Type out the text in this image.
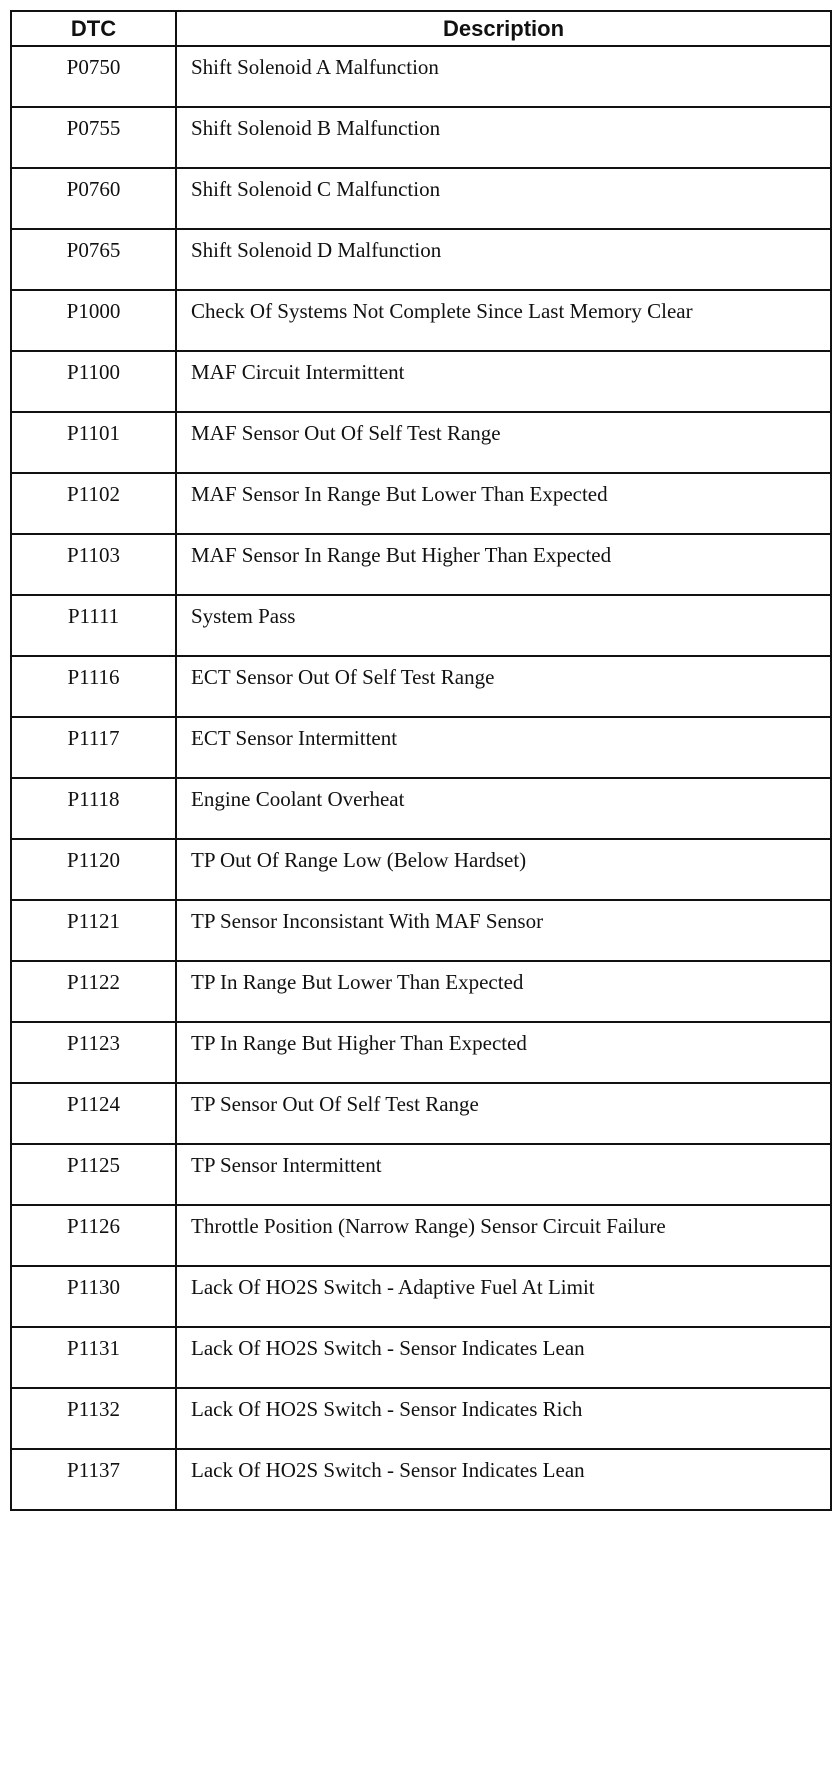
DTC	Description
P0750	Shift Solenoid A Malfunction
P0755	Shift Solenoid B Malfunction
P0760	Shift Solenoid C Malfunction
P0765	Shift Solenoid D Malfunction
P1000	Check Of Systems Not Complete Since Last Memory Clear
P1100	MAF Circuit Intermittent
P1101	MAF Sensor Out Of Self Test Range
P1102	MAF Sensor In Range But Lower Than Expected
P1103	MAF Sensor In Range But Higher Than Expected
P1111	System Pass
P1116	ECT Sensor Out Of Self Test Range
P1117	ECT Sensor Intermittent
P1118	Engine Coolant Overheat
P1120	TP Out Of Range Low (Below Hardset)
P1121	TP Sensor Inconsistant With MAF Sensor
P1122	TP In Range But Lower Than Expected
P1123	TP In Range But Higher Than Expected
P1124	TP Sensor Out Of Self Test Range
P1125	TP Sensor Intermittent
P1126	Throttle Position (Narrow Range) Sensor Circuit Failure
P1130	Lack Of HO2S Switch - Adaptive Fuel At Limit
P1131	Lack Of HO2S Switch - Sensor Indicates Lean
P1132	Lack Of HO2S Switch - Sensor Indicates Rich
P1137	Lack Of HO2S Switch - Sensor Indicates Lean
